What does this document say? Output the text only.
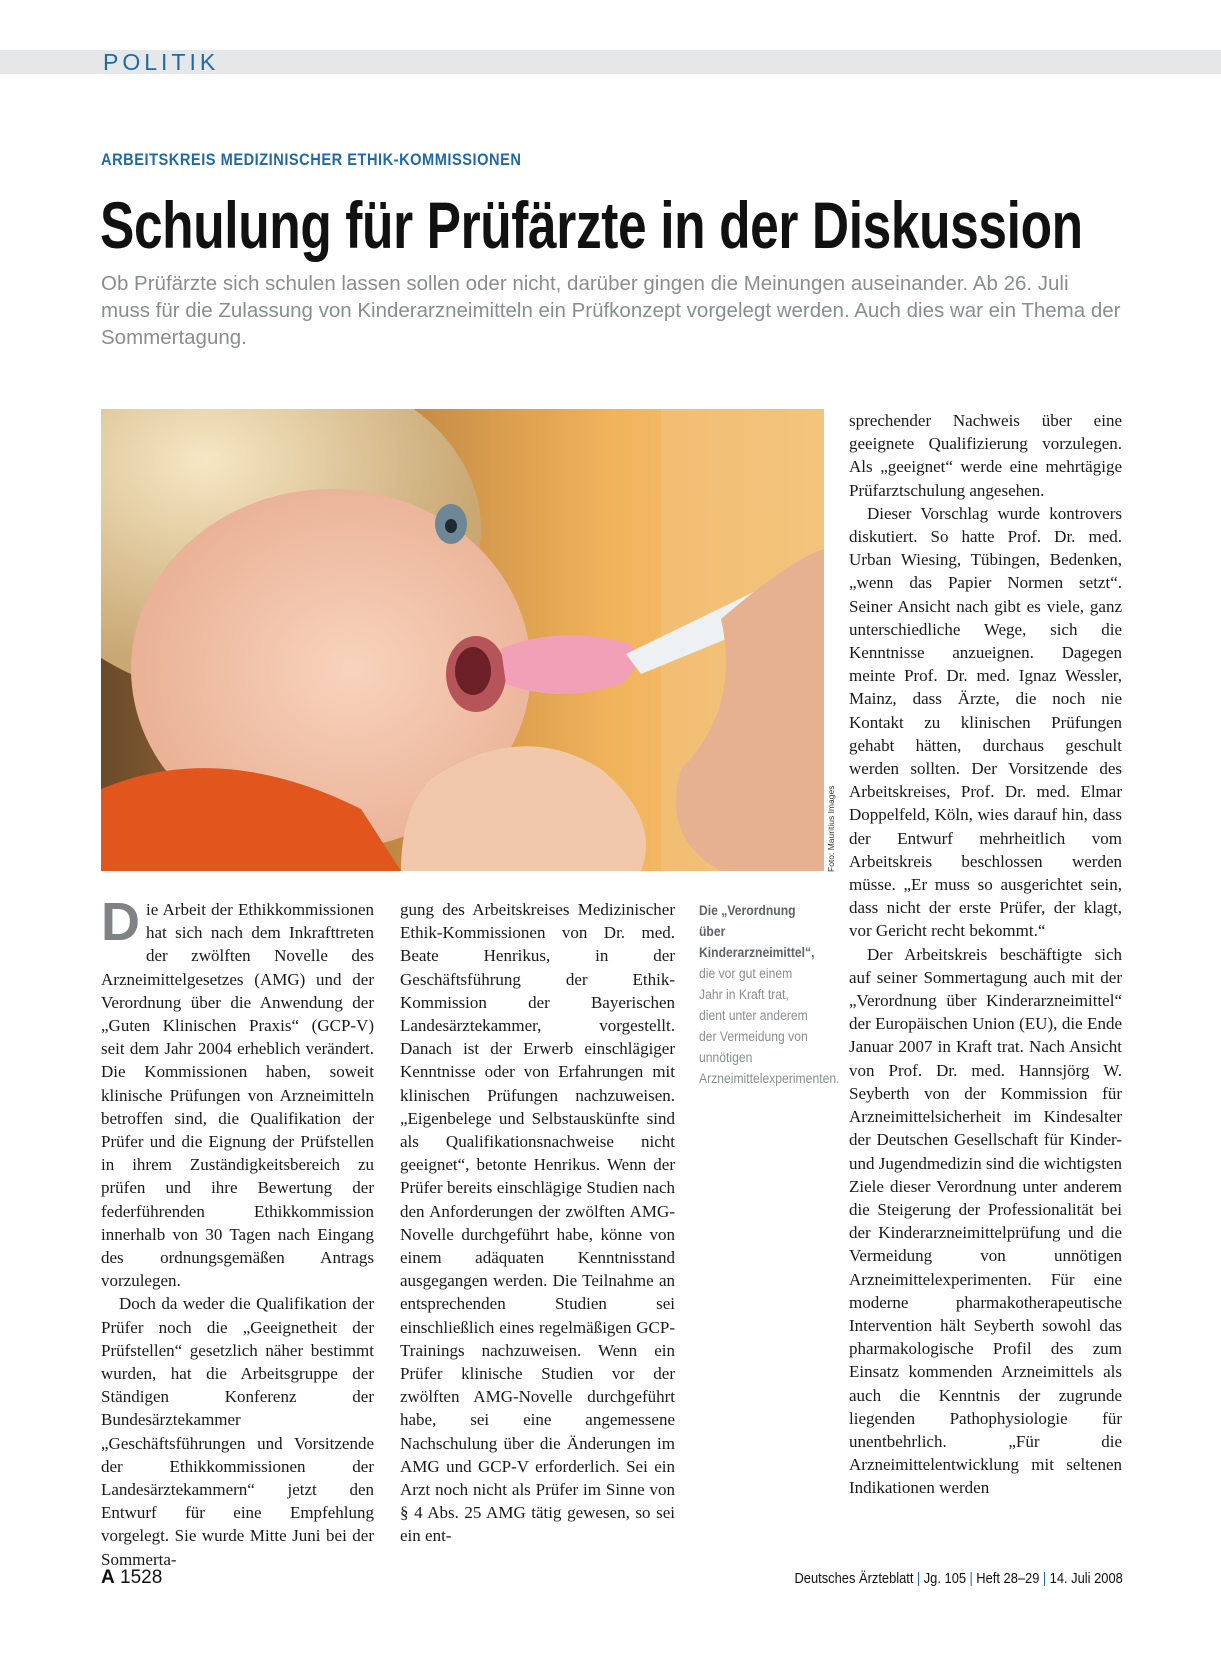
POLITIK
ARBEITSKREIS MEDIZINISCHER ETHIK-KOMMISSIONEN
Schulung für Prüfärzte in der Diskussion
Ob Prüfärzte sich schulen lassen sollen oder nicht, darüber gingen die Meinungen auseinander. Ab 26. Juli muss für die Zulassung von Kinderarzneimitteln ein Prüfkonzept vorgelegt werden. Auch dies war ein Thema der Sommertagung.
Foto: Mauritius Images

Die Arbeit der Ethikkommissionen hat sich nach dem Inkrafttreten der zwölften Novelle des Arzneimittelgesetzes (AMG) und der Verordnung über die Anwendung der „Guten Klinischen Praxis“ (GCP-V) seit dem Jahr 2004 erheblich verändert. Die Kommissionen haben, soweit klinische Prüfungen von Arzneimitteln betroffen sind, die Qualifikation der Prüfer und die Eignung der Prüfstellen in ihrem Zuständigkeitsbereich zu prüfen und ihre Bewertung der federführenden Ethikkommission innerhalb von 30 Tagen nach Eingang des ordnungsgemäßen Antrags vorzulegen.

Doch da weder die Qualifikation der Prüfer noch die „Geeignetheit der Prüfstellen“ gesetzlich näher bestimmt wurden, hat die Arbeitsgruppe der Ständigen Konferenz der Bundesärztekammer „Geschäftsführungen und Vorsitzende der Ethikkommissionen der Landesärztekammern“ jetzt den Entwurf für eine Empfehlung vorgelegt. Sie wurde Mitte Juni bei der Sommerta-

gung des Arbeitskreises Medizinischer Ethik-Kommissionen von Dr. med. Beate Henrikus, in der Geschäftsführung der Ethik-Kommission der Bayerischen Landesärztekammer, vorgestellt. Danach ist der Erwerb einschlägiger Kenntnisse oder von Erfahrungen mit klinischen Prüfungen nachzuweisen. „Eigenbelege und Selbstauskünfte sind als Qualifikationsnachweise nicht geeignet“, betonte Henrikus. Wenn der Prüfer bereits einschlägige Studien nach den Anforderungen der zwölften AMG-Novelle durchgeführt habe, könne von einem adäquaten Kenntnisstand ausgegangen werden. Die Teilnahme an entsprechenden Studien sei einschließlich eines regelmäßigen GCP-Trainings nachzuweisen. Wenn ein Prüfer klinische Studien vor der zwölften AMG-Novelle durchgeführt habe, sei eine angemessene Nachschulung über die Änderungen im AMG und GCP-V erforderlich. Sei ein Arzt noch nicht als Prüfer im Sinne von § 4 Abs. 25 AMG tätig gewesen, so sei ein ent-

Die „Verordnung über Kinderarzneimittel“, die vor gut einem Jahr in Kraft trat, dient unter anderem der Vermeidung von unnötigen Arzneimittelexperimenten.

sprechender Nachweis über eine geeignete Qualifizierung vorzulegen. Als „geeignet“ werde eine mehrtägige Prüfarztschulung angesehen.

Dieser Vorschlag wurde kontrovers diskutiert. So hatte Prof. Dr. med. Urban Wiesing, Tübingen, Bedenken, „wenn das Papier Normen setzt“. Seiner Ansicht nach gibt es viele, ganz unterschiedliche Wege, sich die Kenntnisse anzueignen. Dagegen meinte Prof. Dr. med. Ignaz Wessler, Mainz, dass Ärzte, die noch nie Kontakt zu klinischen Prüfungen gehabt hätten, durchaus geschult werden sollten. Der Vorsitzende des Arbeitskreises, Prof. Dr. med. Elmar Doppelfeld, Köln, wies darauf hin, dass der Entwurf mehrheitlich vom Arbeitskreis beschlossen werden müsse. „Er muss so ausgerichtet sein, dass nicht der erste Prüfer, der klagt, vor Gericht recht bekommt.“

Der Arbeitskreis beschäftigte sich auf seiner Sommertagung auch mit der „Verordnung über Kinderarzneimittel“ der Europäischen Union (EU), die Ende Januar 2007 in Kraft trat. Nach Ansicht von Prof. Dr. med. Hannsjörg W. Seyberth von der Kommission für Arzneimittelsicherheit im Kindesalter der Deutschen Gesellschaft für Kinder- und Jugendmedizin sind die wichtigsten Ziele dieser Verordnung unter anderem die Steigerung der Professionalität bei der Kinderarzneimittelprüfung und die Vermeidung von unnötigen Arzneimittelexperimenten. Für eine moderne pharmakotherapeutische Intervention hält Seyberth sowohl das pharmakologische Profil des zum Einsatz kommenden Arzneimittels als auch die Kenntnis der zugrunde liegenden Pathophysiologie für unentbehrlich. „Für die Arzneimittelentwicklung mit seltenen Indikationen werden

A 1528	Deutsches Ärzteblatt | Jg. 105 | Heft 28–29 | 14. Juli 2008
